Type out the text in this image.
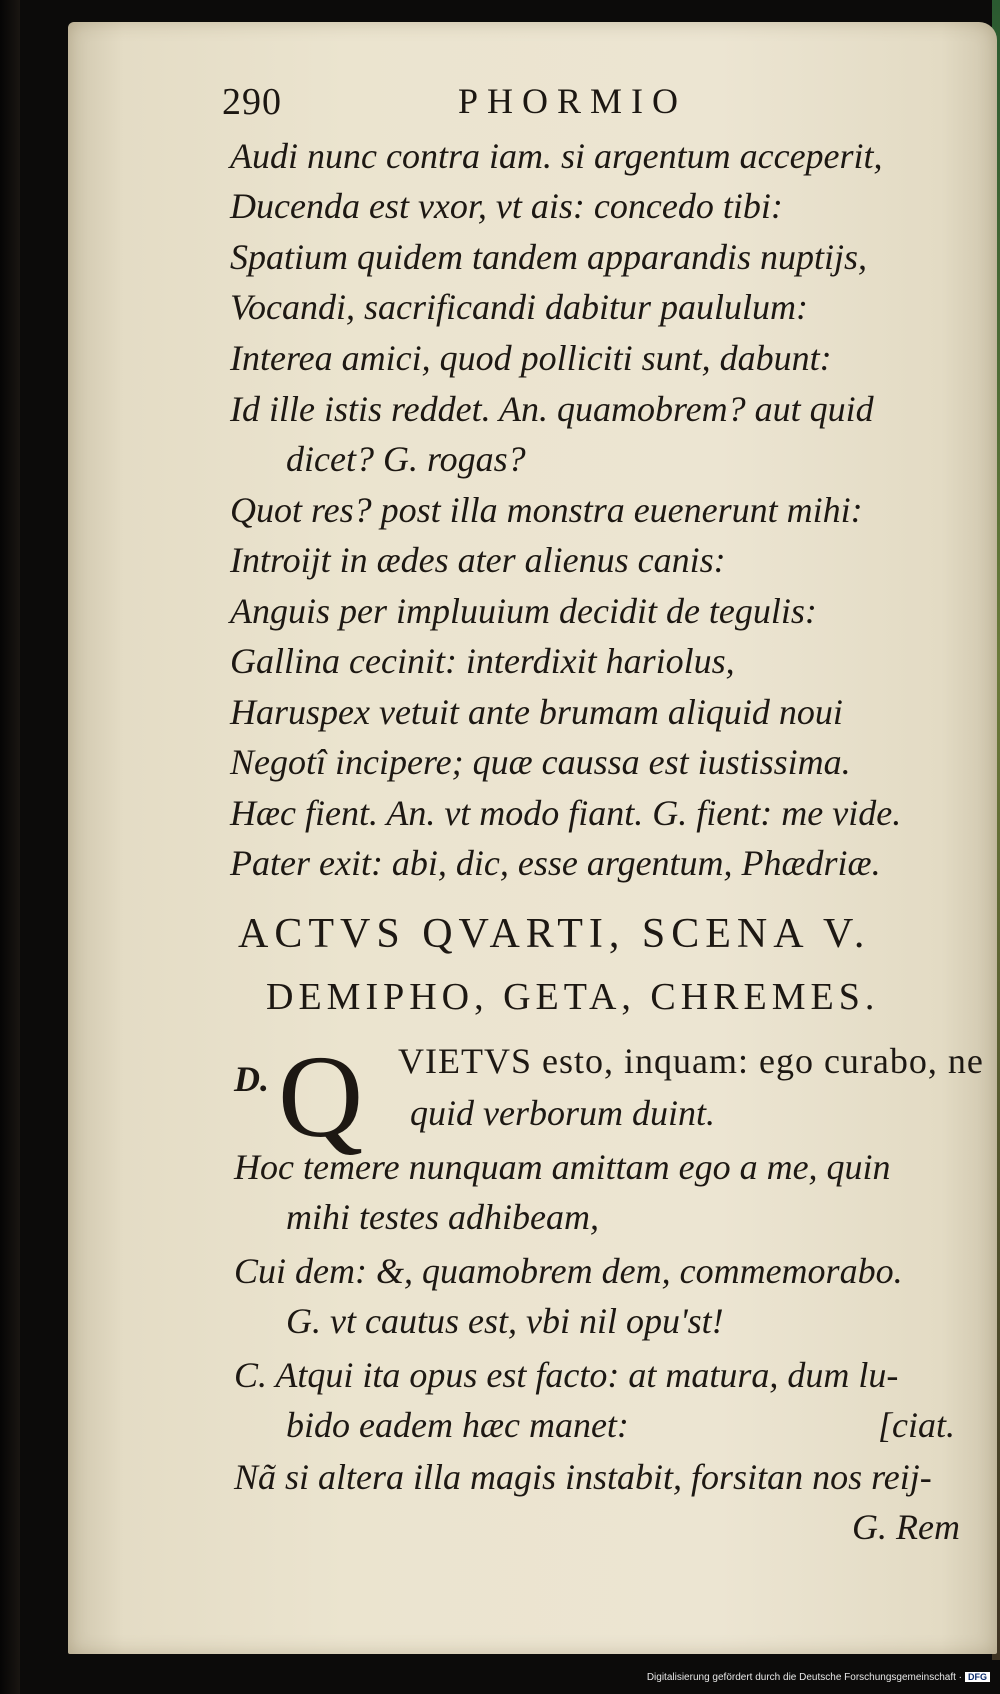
290	PHORMIO
Audi nunc contra iam. si argentum acceperit,
Ducenda est vxor, vt ais: concedo tibi:
Spatium quidem tandem apparandis nuptijs,
Vocandi, sacrificandi dabitur paululum:
Interea amici, quod polliciti sunt, dabunt:
Id ille istis reddet. An. quamobrem? aut quid
dicet? G. rogas?
Quot res? post illa monstra euenerunt mihi:
Introijt in ædes ater alienus canis:
Anguis per impluuium decidit de tegulis:
Gallina cecinit: interdixit hariolus,
Haruspex vetuit ante brumam aliquid noui
Negotî incipere; quæ caussa est iustissima.
Hæc fient. An. vt modo fiant. G. fient: me vide.
Pater exit: abi, dic, esse argentum, Phædriæ.
ACTVS QVARTI, SCENA V.
DEMIPHO, GETA, CHREMES.
D. Q VIETVS esto, inquam: ego curabo, ne
quid verborum duint.
Hoc temere nunquam amittam ego a me, quin
mihi testes adhibeam,
Cui dem: &, quamobrem dem, commemorabo.
G. vt cautus est, vbi nil opu'st!
C. Atqui ita opus est facto: at matura, dum lu-
bido eadem hæc manet:	[ciat.
Nã si altera illa magis instabit, forsitan nos reij-
G. Rem
Digitalisierung gefördert durch die Deutsche Forschungsgemeinschaft · DFG
